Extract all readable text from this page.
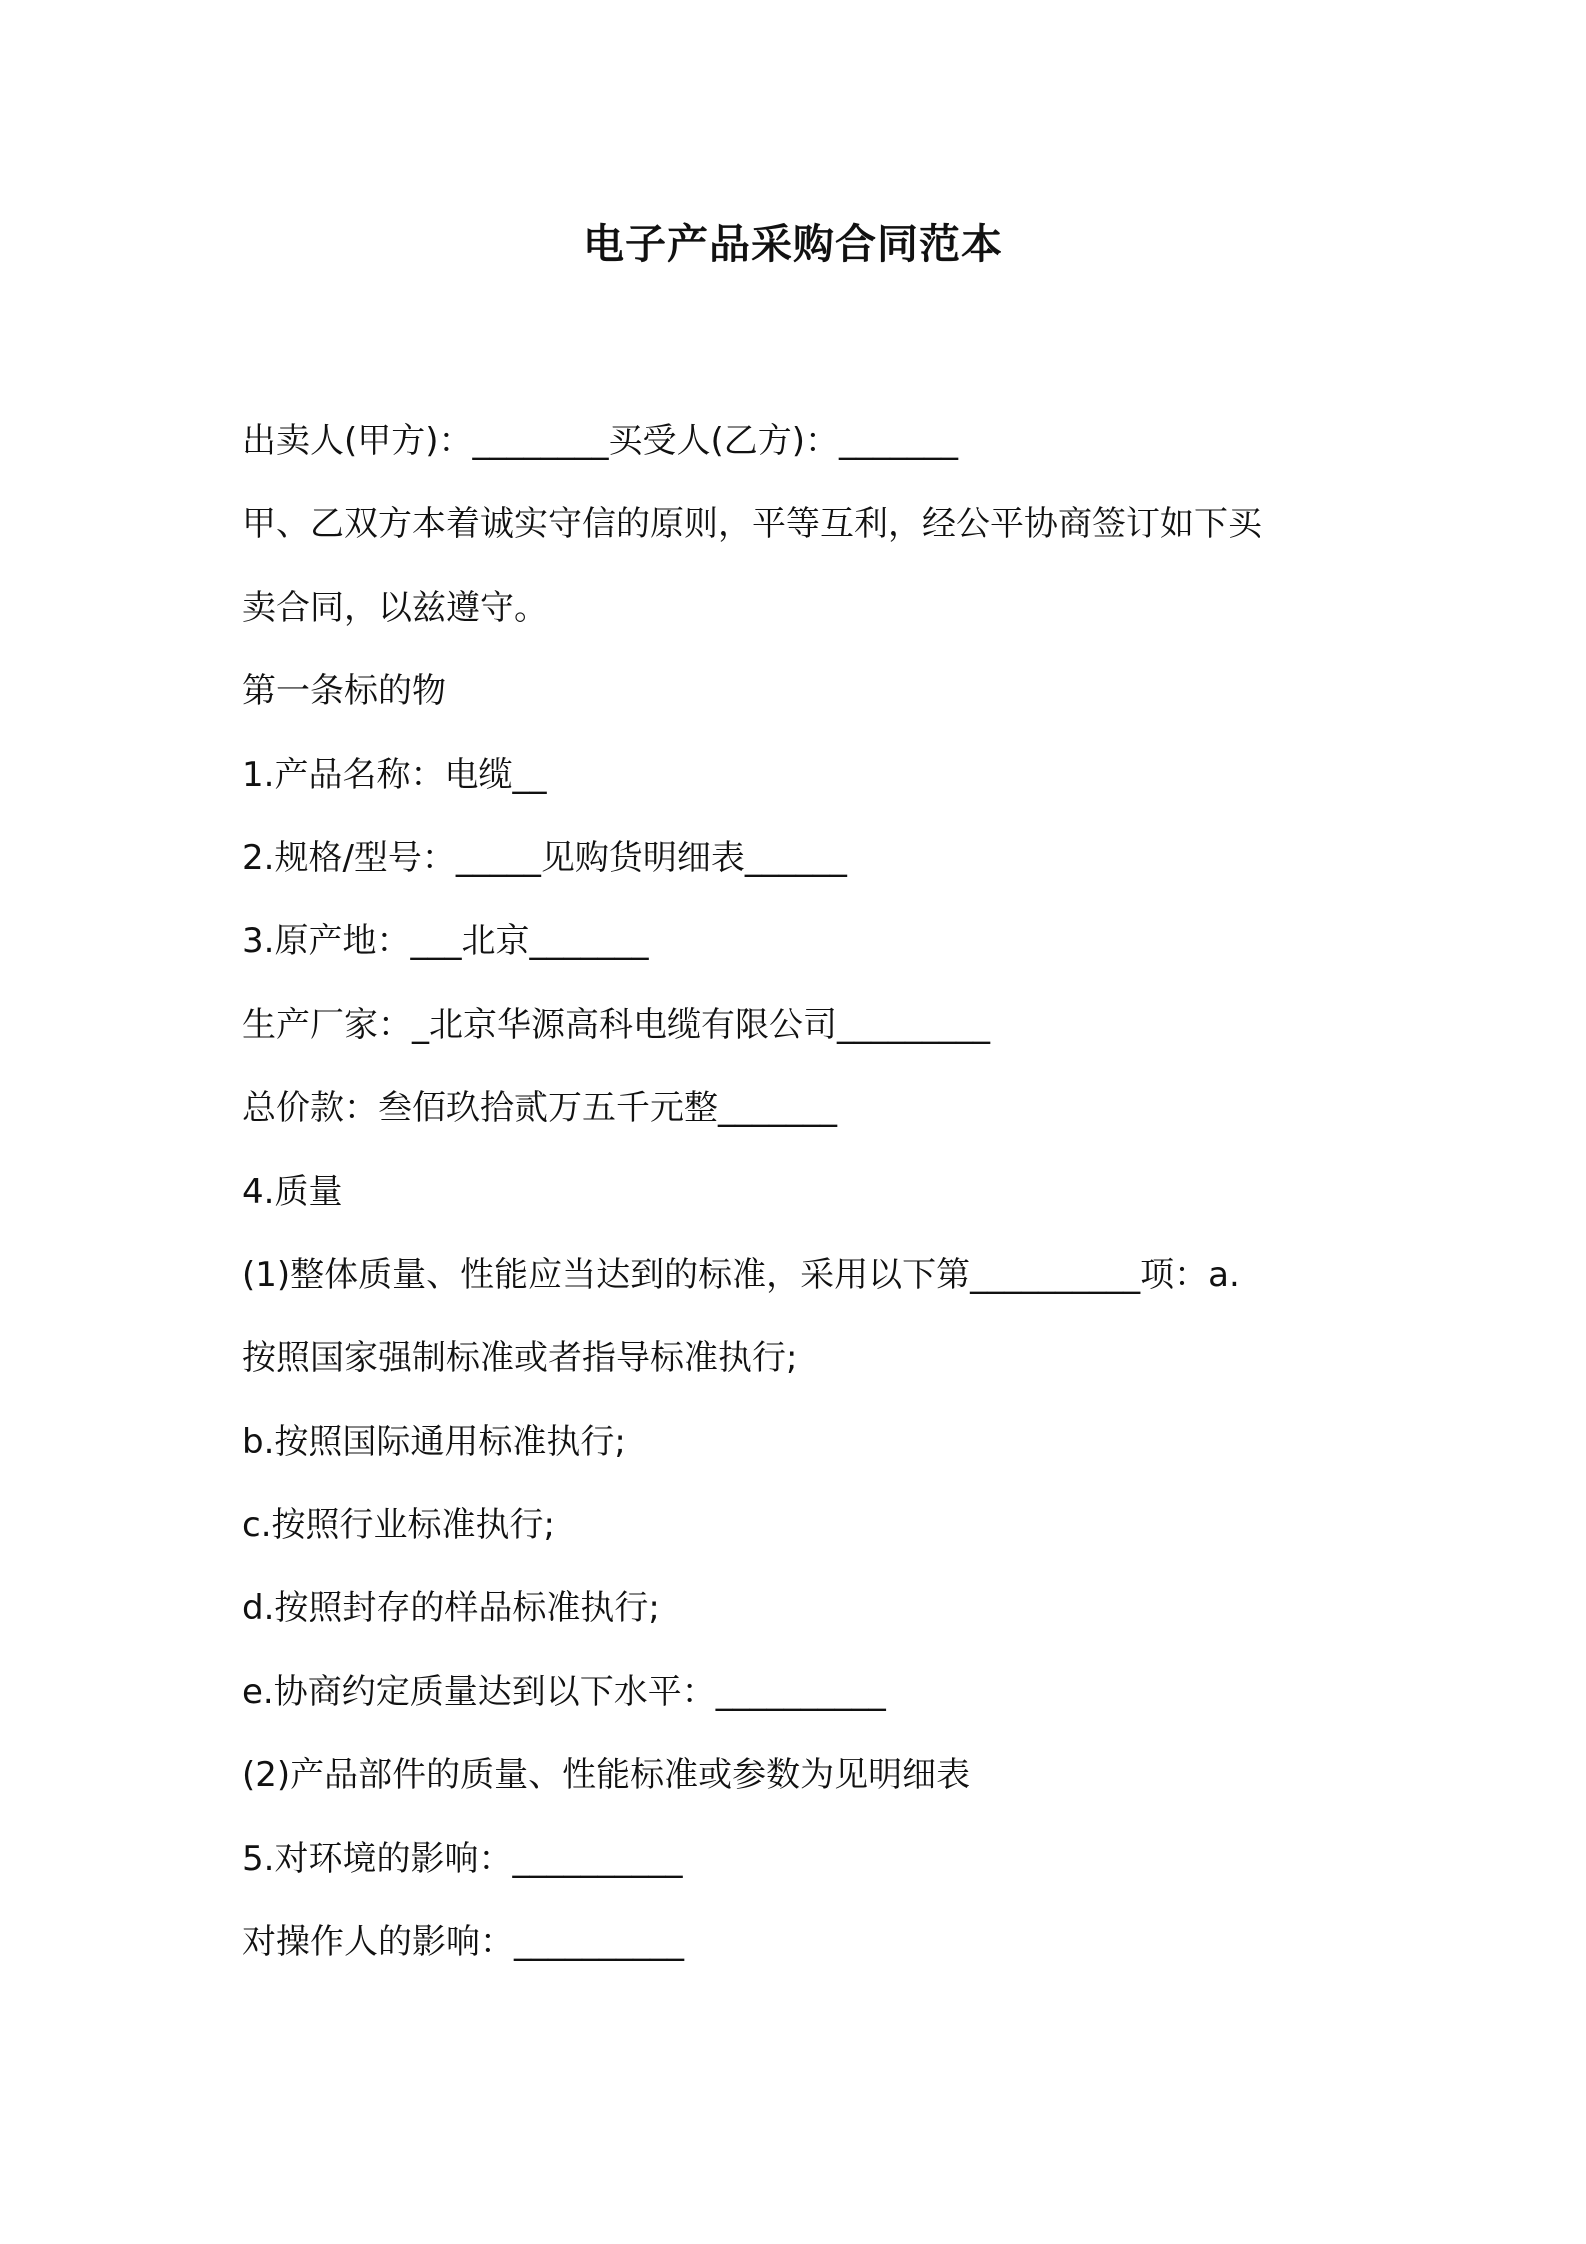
电子产品采购合同范本

出卖人(甲方)：________买受人(乙方)：_______

甲、乙双方本着诚实守信的原则，平等互利，经公平协商签订如下买

卖合同，以兹遵守。

第一条标的物

1.产品名称：电缆__

2.规格/型号：_____见购货明细表______

3.原产地：___北京_______

生产厂家：_北京华源高科电缆有限公司_________

总价款：叁佰玖拾贰万五千元整_______

4.质量

(1)整体质量、性能应当达到的标准，采用以下第__________项：a.

按照国家强制标准或者指导标准执行;

b.按照国际通用标准执行;

c.按照行业标准执行;

d.按照封存的样品标准执行;

e.协商约定质量达到以下水平：__________

(2)产品部件的质量、性能标准或参数为见明细表

5.对环境的影响：__________

对操作人的影响：__________
